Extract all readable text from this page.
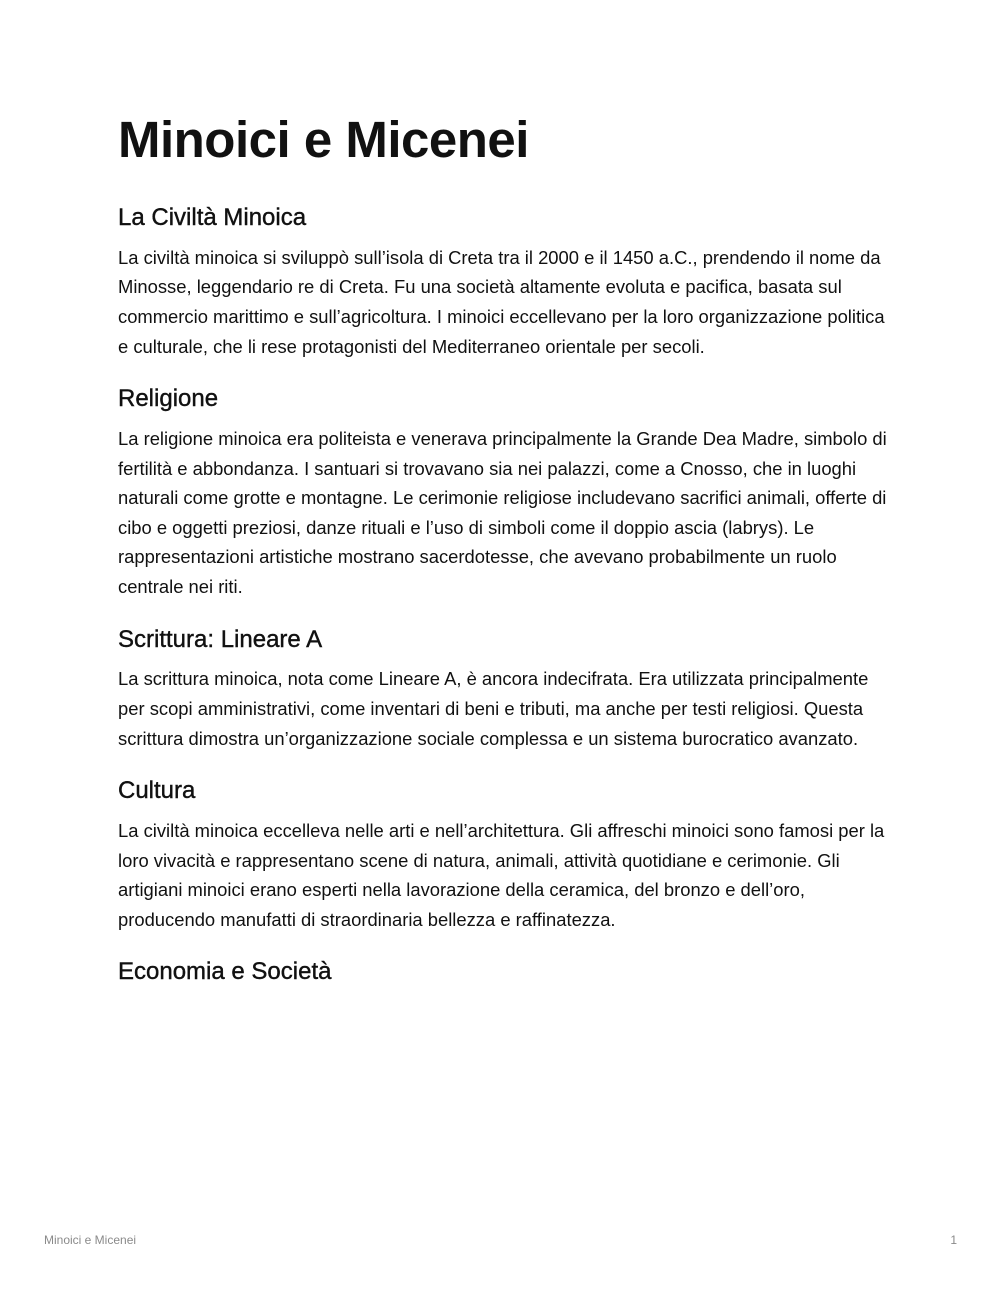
Minoici e Micenei
La Civiltà Minoica

La civiltà minoica si sviluppò sull’isola di Creta tra il 2000 e il 1450 a.C., prendendo il nome da Minosse, leggendario re di Creta. Fu una società altamente evoluta e pacifica, basata sul commercio marittimo e sull’agricoltura. I minoici eccellevano per la loro organizzazione politica e culturale, che li rese protagonisti del Mediterraneo orientale per secoli.

Religione

La religione minoica era politeista e venerava principalmente la Grande Dea Madre, simbolo di fertilità e abbondanza. I santuari si trovavano sia nei palazzi, come a Cnosso, che in luoghi naturali come grotte e montagne. Le cerimonie religiose includevano sacrifici animali, offerte di cibo e oggetti preziosi, danze rituali e l’uso di simboli come il doppio ascia (labrys). Le rappresentazioni artistiche mostrano sacerdotesse, che avevano probabilmente un ruolo centrale nei riti.

Scrittura: Lineare A

La scrittura minoica, nota come Lineare A, è ancora indecifrata. Era utilizzata principalmente per scopi amministrativi, come inventari di beni e tributi, ma anche per testi religiosi. Questa scrittura dimostra un’organizzazione sociale complessa e un sistema burocratico avanzato.

Cultura

La civiltà minoica eccelleva nelle arti e nell’architettura. Gli affreschi minoici sono famosi per la loro vivacità e rappresentano scene di natura, animali, attività quotidiane e cerimonie. Gli artigiani minoici erano esperti nella lavorazione della ceramica, del bronzo e dell’oro, producendo manufatti di straordinaria bellezza e raffinatezza.

Economia e Società
Minoici e Micenei	1
